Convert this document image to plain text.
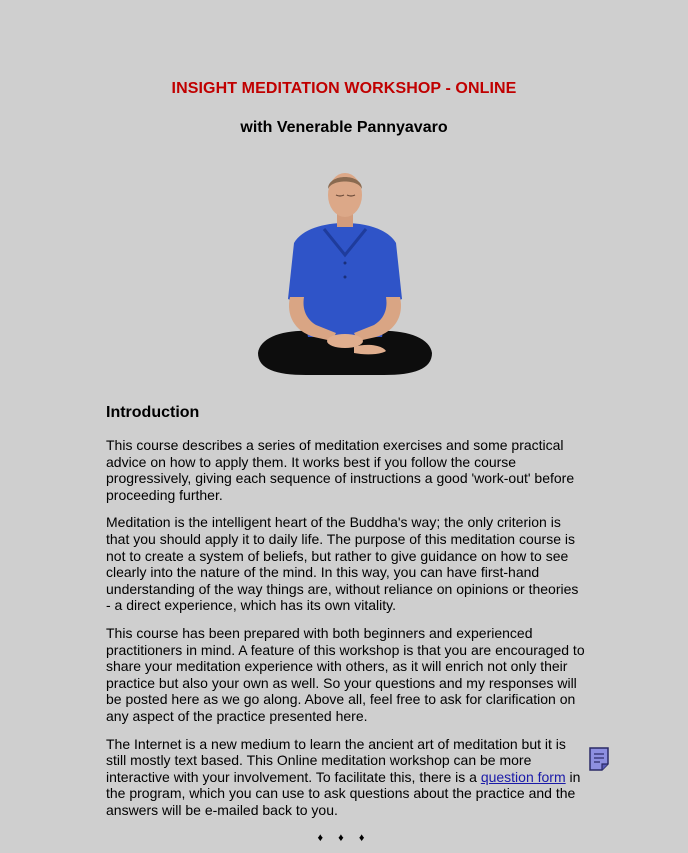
INSIGHT MEDITATION WORKSHOP - ONLINE
with Venerable Pannyavaro
Introduction
This course describes a series of meditation exercises and some practical advice on how to apply them. It works best if you follow the course progressively, giving each sequence of instructions a good 'work-out' before proceeding further.
Meditation is the intelligent heart of the Buddha's way; the only criterion is that you should apply it to daily life. The purpose of this meditation course is not to create a system of beliefs, but rather to give guidance on how to see clearly into the nature of the mind. In this way, you can have first-hand understanding of the way things are, without reliance on opinions or theories - a direct experience, which has its own vitality.
This course has been prepared with both beginners and experienced practitioners in mind. A feature of this workshop is that you are encouraged to share your meditation experience with others, as it will enrich not only their practice but also your own as well. So your questions and my responses will be posted here as we go along. Above all, feel free to ask for clarification on any aspect of the practice presented here.
The Internet is a new medium to learn the ancient art of meditation but it is still mostly text based. This Online meditation workshop can be more interactive with your involvement. To facilitate this, there is a question form in the program, which you can use to ask questions about the practice and the answers will be e-mailed back to you.
♦ ♦ ♦
